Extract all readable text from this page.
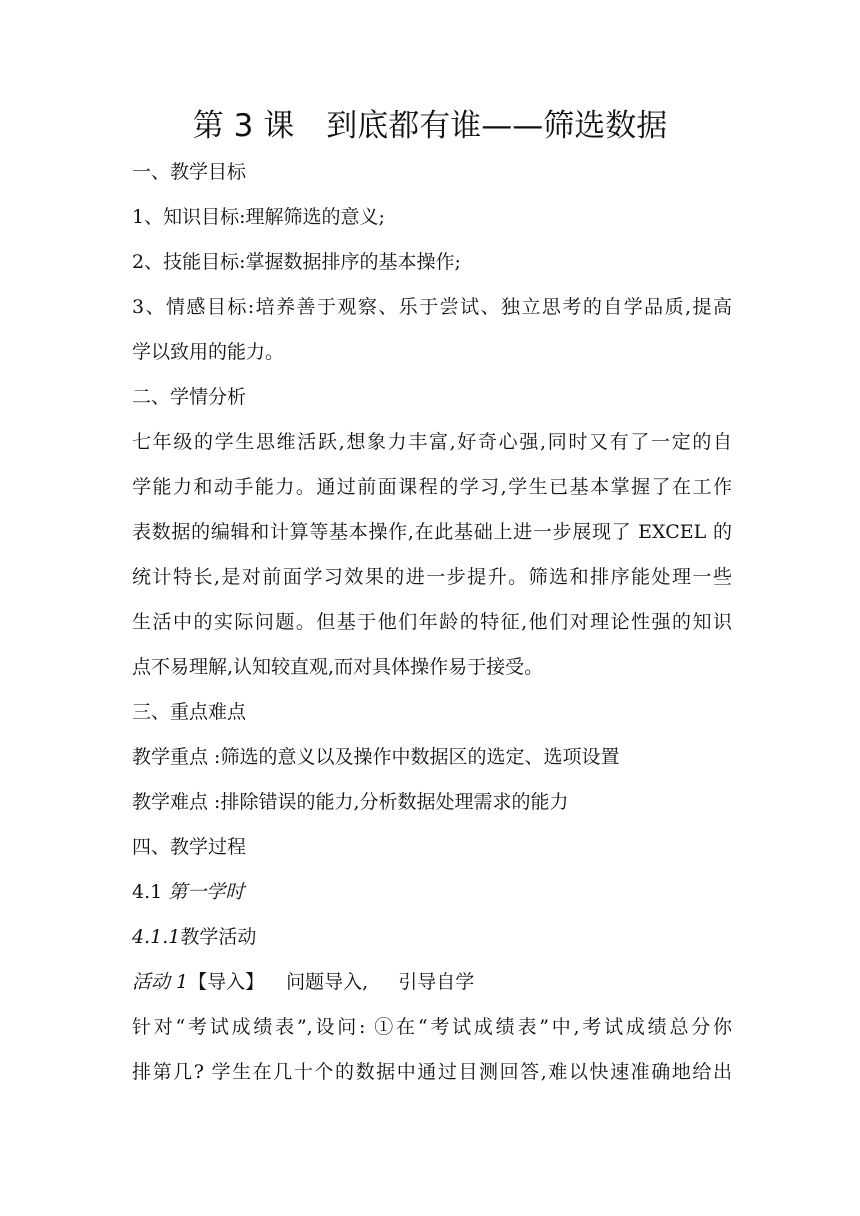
第 3 课 到底都有谁——筛选数据
一、教学目标
1、知识目标:理解筛选的意义;
2、技能目标:掌握数据排序的基本操作;
3、情感目标:培养善于观察、乐于尝试、独立思考的自学品质,提高
学以致用的能力。
二、学情分析
七年级的学生思维活跃,想象力丰富,好奇心强,同时又有了一定的自
学能力和动手能力。通过前面课程的学习,学生已基本掌握了在工作
表数据的编辑和计算等基本操作,在此基础上进一步展现了 EXCEL 的
统计特长,是对前面学习效果的进一步提升。筛选和排序能处理一些
生活中的实际问题。但基于他们年龄的特征,他们对理论性强的知识
点不易理解,认知较直观,而对具体操作易于接受。
三、重点难点
教学重点 :筛选的意义以及操作中数据区的选定、选项设置
教学难点 :排除错误的能力,分析数据处理需求的能力
四、教学过程
4.1 第一学时
4.1.1教学活动
活动 1【导入】 问题导入, 引导自学
针对“考试成绩表”,设问: ①在“考试成绩表”中,考试成绩总分你
排第几? 学生在几十个的数据中通过目测回答,难以快速准确地给出
